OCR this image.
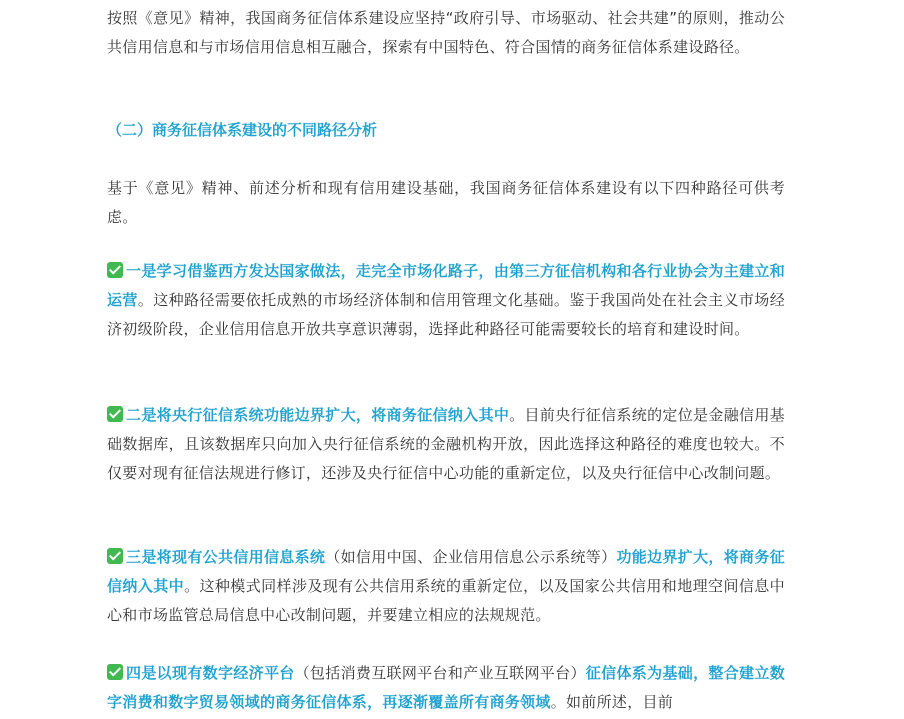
按照《意见》精神，我国商务征信体系建设应坚持“政府引导、市场驱动、社会共建”的原则，推动公共信用信息和与市场信用信息相互融合，探索有中国特色、符合国情的商务征信体系建设路径。

（二）商务征信体系建设的不同路径分析

基于《意见》精神、前述分析和现有信用建设基础，我国商务征信体系建设有以下四种路径可供考虑。

一是学习借鉴西方发达国家做法，走完全市场化路子，由第三方征信机构和各行业协会为主建立和运营。这种路径需要依托成熟的市场经济体制和信用管理文化基础。鉴于我国尚处在社会主义市场经济初级阶段，企业信用信息开放共享意识薄弱，选择此种路径可能需要较长的培育和建设时间。

二是将央行征信系统功能边界扩大，将商务征信纳入其中。目前央行征信系统的定位是金融信用基础数据库，且该数据库只向加入央行征信系统的金融机构开放，因此选择这种路径的难度也较大。不仅要对现有征信法规进行修订，还涉及央行征信中心功能的重新定位，以及央行征信中心改制问题。

三是将现有公共信用信息系统（如信用中国、企业信用信息公示系统等）功能边界扩大，将商务征信纳入其中。这种模式同样涉及现有公共信用系统的重新定位，以及国家公共信用和地理空间信息中心和市场监管总局信息中心改制问题，并要建立相应的法规规范。

四是以现有数字经济平台（包括消费互联网平台和产业互联网平台）征信体系为基础，整合建立数字消费和数字贸易领域的商务征信体系，再逐渐覆盖所有商务领域。如前所述，目前
